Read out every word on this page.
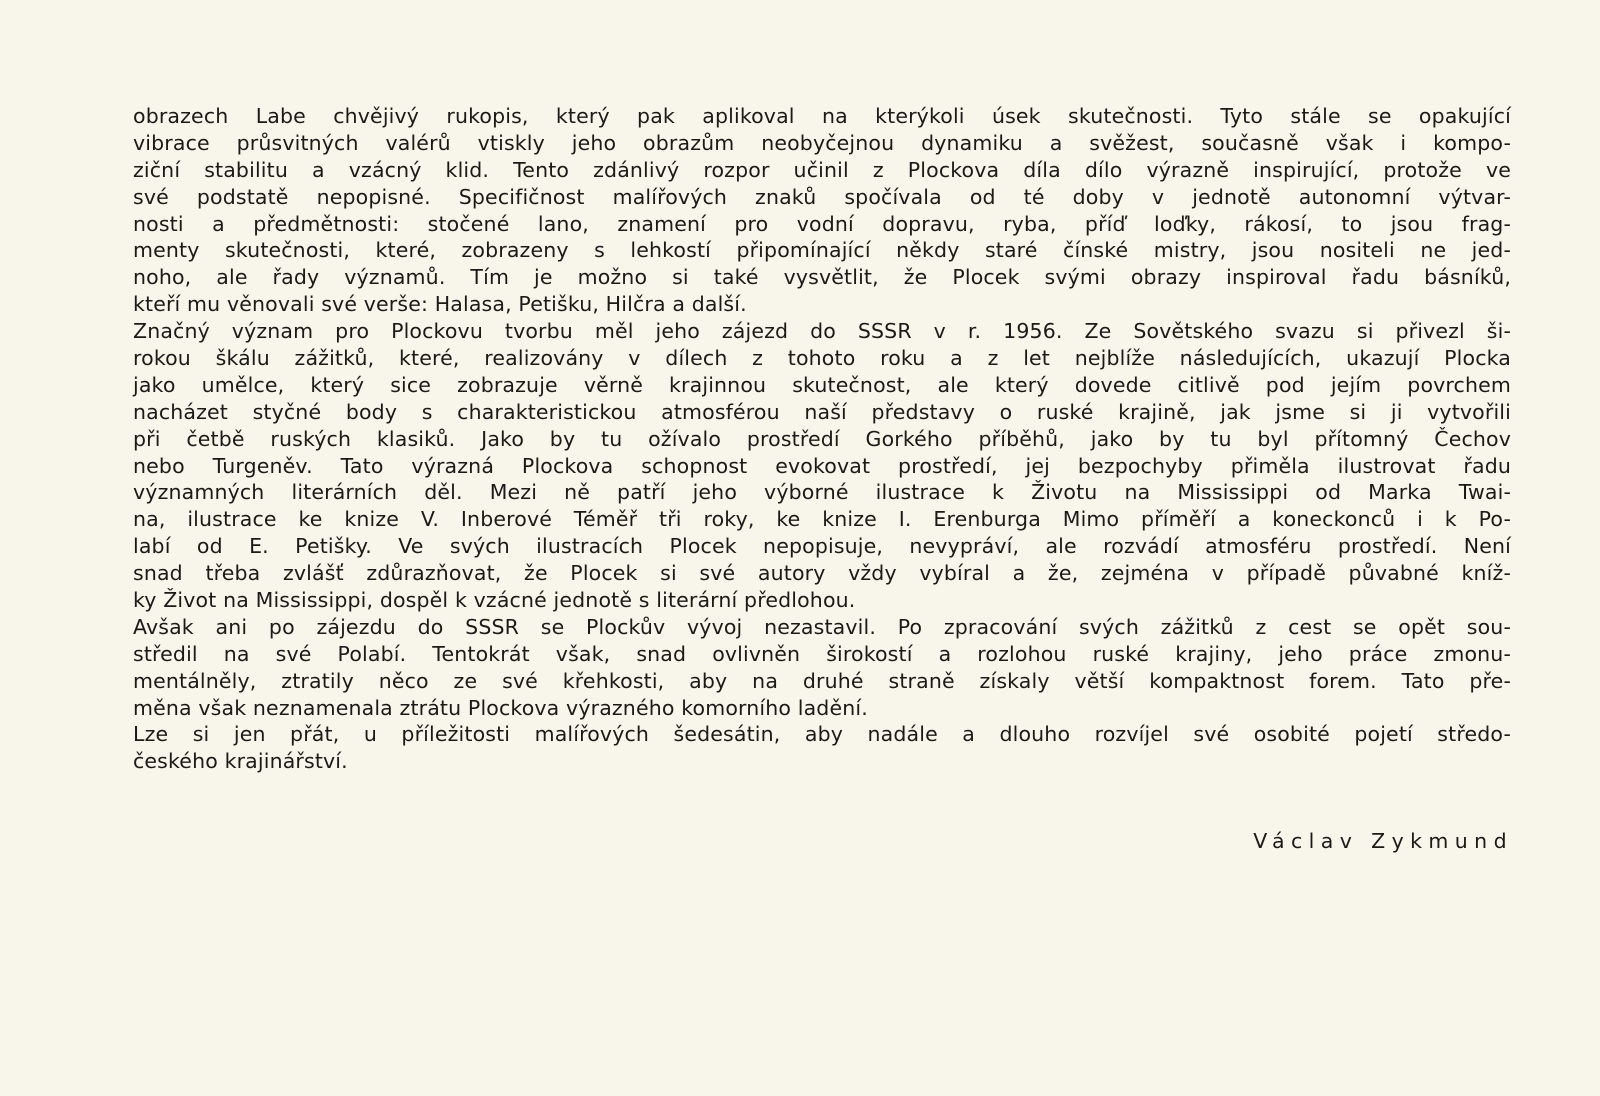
obrazech Labe chvějivý rukopis, který pak aplikoval na kterýkoli úsek skutečnosti. Tyto stále se opakující
vibrace průsvitných valérů vtiskly jeho obrazům neobyčejnou dynamiku a svěžest, současně však i kompo-
ziční stabilitu a vzácný klid. Tento zdánlivý rozpor učinil z Plockova díla dílo výrazně inspirující, protože ve
své podstatě nepopisné. Specifičnost malířových znaků spočívala od té doby v jednotě autonomní výtvar-
nosti a předmětnosti: stočené lano, znamení pro vodní dopravu, ryba, příď loďky, rákosí, to jsou frag-
menty skutečnosti, které, zobrazeny s lehkostí připomínající někdy staré čínské mistry, jsou nositeli ne jed-
noho, ale řady významů. Tím je možno si také vysvětlit, že Plocek svými obrazy inspiroval řadu básníků,
kteří mu věnovali své verše: Halasa, Petišku, Hilčra a další.
Značný význam pro Plockovu tvorbu měl jeho zájezd do SSSR v r. 1956. Ze Sovětského svazu si přivezl ši-
rokou škálu zážitků, které, realizovány v dílech z tohoto roku a z let nejblíže následujících, ukazují Plocka
jako umělce, který sice zobrazuje věrně krajinnou skutečnost, ale který dovede citlivě pod jejím povrchem
nacházet styčné body s charakteristickou atmosférou naší představy o ruské krajině, jak jsme si ji vytvořili
při četbě ruských klasiků. Jako by tu ožívalo prostředí Gorkého příběhů, jako by tu byl přítomný Čechov
nebo Turgeněv. Tato výrazná Plockova schopnost evokovat prostředí, jej bezpochyby přiměla ilustrovat řadu
významných literárních děl. Mezi ně patří jeho výborné ilustrace k Životu na Mississippi od Marka Twai-
na, ilustrace ke knize V. Inberové Téměř tři roky, ke knize I. Erenburga Mimo příměří a koneckonců i k Po-
labí od E. Petišky. Ve svých ilustracích Plocek nepopisuje, nevypráví, ale rozvádí atmosféru prostředí. Není
snad třeba zvlášť zdůrazňovat, že Plocek si své autory vždy vybíral a že, zejména v případě půvabné kníž-
ky Život na Mississippi, dospěl k vzácné jednotě s literární předlohou.
Avšak ani po zájezdu do SSSR se Plockův vývoj nezastavil. Po zpracování svých zážitků z cest se opět sou-
středil na své Polabí. Tentokrát však, snad ovlivněn širokostí a rozlohou ruské krajiny, jeho práce zmonu-
mentálněly, ztratily něco ze své křehkosti, aby na druhé straně získaly větší kompaktnost forem. Tato pře-
měna však neznamenala ztrátu Plockova výrazného komorního ladění.
Lze si jen přát, u příležitosti malířových šedesátin, aby nadále a dlouho rozvíjel své osobité pojetí středo-
českého krajinářství.
Václav Zykmund
